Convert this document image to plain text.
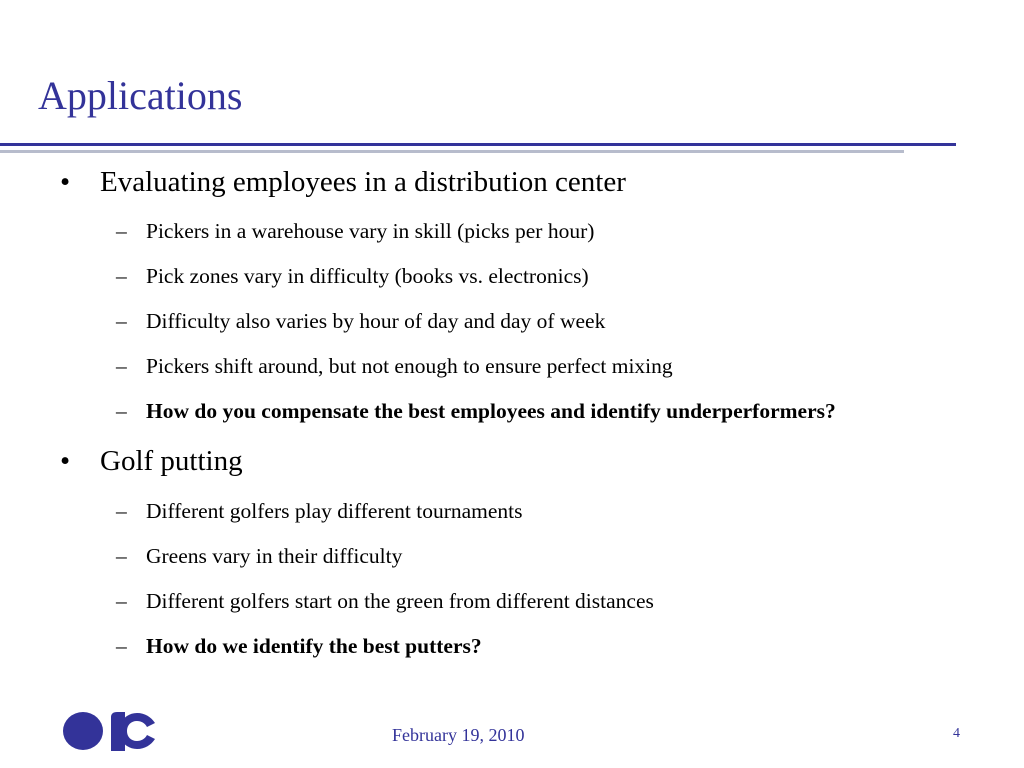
Applications
•	Evaluating employees in a distribution center
– Pickers in a warehouse vary in skill (picks per hour)
– Pick zones vary in difficulty (books vs. electronics)
– Difficulty also varies by hour of day and day of week
– Pickers shift around, but not enough to ensure perfect mixing
– How do you compensate the best employees and identify underperformers?
•	Golf putting
– Different golfers play different tournaments
– Greens vary in their difficulty
– Different golfers start on the green from different distances
– How do we identify the best putters?
February 19, 2010	4
